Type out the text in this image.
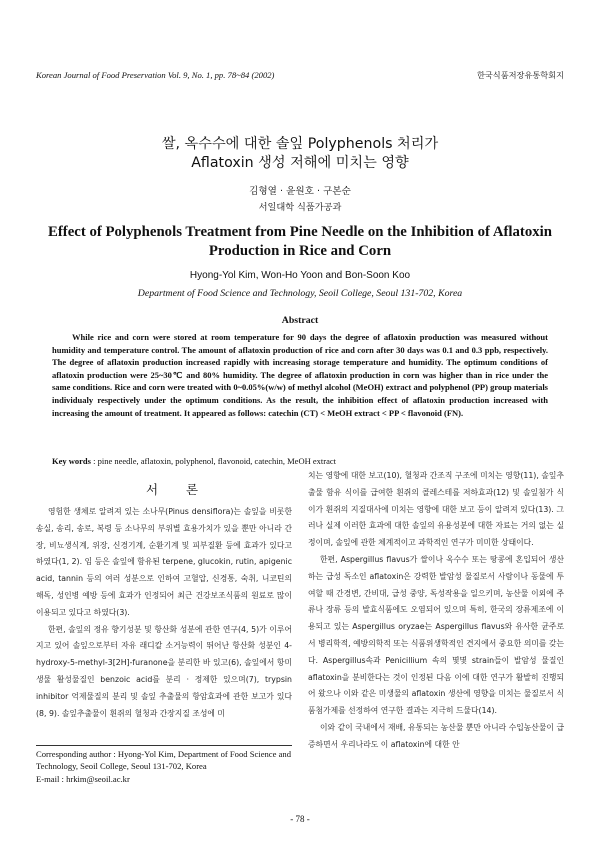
Korean Journal of Food Preservation Vol. 9, No. 1, pp. 78~84 (2002)	한국식품저장유통학회지
쌀, 옥수수에 대한 솔잎 Polyphenols 처리가
Aflatoxin 생성 저해에 미치는 영향
김형열 · 윤원호 · 구본순
서일대학 식품가공과
Effect of Polyphenols Treatment from Pine Needle on the Inhibition of Aflatoxin
Production in Rice and Corn
Hyong-Yol Kim, Won-Ho Yoon and Bon-Soon Koo
Department of Food Science and Technology, Seoil College, Seoul 131-702, Korea
Abstract

While rice and corn were stored at room temperature for 90 days the degree of aflatoxin production was measured without humidity and temperature control. The amount of aflatoxin production of rice and corn after 30 days was 0.1 and 0.3 ppb, respectively. The degree of aflatoxin production increased rapidly with increasing storage temperature and humidity. The optimum conditions of aflatoxin production were 25~30℃ and 80% humidity. The degree of aflatoxin production in corn was higher than in rice under the same conditions. Rice and corn were treated with 0~0.05%(w/w) of methyl alcohol (MeOH) extract and polyphenol (PP) group materials individualy respectively under the optimum conditions. As the result, the inhibition effect of aflatoxin production increased with increasing the amount of treatment. It appeared as follows: catechin (CT) < MeOH extract < PP < flavonoid (FN).

Key words : pine needle, aflatoxin, polyphenol, flavonoid, catechin, MeOH extract
서 론

영험한 생체로 알려져 있는 소나무(Pinus densiflora)는 솔잎을 비롯한 송실, 송리, 송로, 복령 등 소나무의 부위별 효용가치가 있을 뿐만 아니라 간장, 비뇨생식계, 위장, 신경기계, 순환기계 및 피부질환 등에 효과가 있다고 하였다(1, 2). 임 등은 솔잎에 함유된 terpene, glucokin, rutin, apigenic acid, tannin 등의 여러 성분으로 인하여 고혈압, 신경통, 숙취, 니코틴의 해독, 성인병 예방 등에 효과가 인정되어 최근 건강보조식품의 원료로 많이 이용되고 있다고 하였다(3).

한편, 솔잎의 정유 향기성분 및 항산화 성분에 관한 연구(4, 5)가 이루어지고 있어 솔잎으로부터 자유 래디칼 소거능력이 뛰어난 항산화 성분인 4-hydroxy-5-methyl-3[2H]-furanone을 분리한 바 있고(6), 솔잎에서 항미생물 활성물질인 benzoic acid를 분리 · 정제한 있으며(7), trypsin inhibitor 억제물질의 분리 및 솔잎 추출물의 항암효과에 관한 보고가 있다(8, 9). 솔잎추출물이 흰쥐의 혈청과 간장지질 조성에 미

Corresponding author : Hyong-Yol Kim, Department of Food Science and Technology, Seoil College, Seoul 131-702, Korea
E-mail : hrkim@seoil.ac.kr

치는 영향에 대한 보고(10), 혈청과 간조직 구조에 미치는 영향(11), 솔잎추출물 함유 식이를 급여한 흰쥐의 콜레스테롤 저하효과(12) 및 솔잎첨가 식이가 흰쥐의 지질대사에 미치는 영향에 대한 보고 등이 알려져 있다(13). 그러나 실제 이러한 효과에 대한 솔잎의 유용성분에 대한 자료는 거의 없는 실정이며, 솔잎에 관한 체계적이고 과학적인 연구가 미미한 상태이다.

한편, Aspergillus flavus가 쌀이나 옥수수 또는 땅콩에 혼입되어 생산하는 급성 독소인 aflatoxin은 강력한 발암성 물질로서 사람이나 동물에 투여할 때 간경변, 간비대, 급성 중양, 독성작용을 일으키며, 농산물 이외에 주류나 장류 등의 발효식품에도 오염되어 있으며 특히, 한국의 장류제조에 이용되고 있는 Aspergillus oryzae는 Aspergillus flavus와 유사한 균주로서 병리학적, 예방의학적 또는 식품위생학적인 견지에서 중요한 의미를 갖는다. Aspergillus속과 Penicillium 속의 몇몇 strain들이 발암성 물질인 aflatoxin을 분비한다는 것이 인정된 다음 이에 대한 연구가 활발히 진행되어 왔으나 이와 같은 미생물의 aflatoxin 생산에 영향을 미치는 물질로서 식품첨가제를 선정하여 연구한 결과는 지극히 드물다(14).

이와 같이 국내에서 재배, 유통되는 농산물 뿐만 아니라 수입농산물이 급증하면서 우리나라도 이 aflatoxin에 대한 안

- 78 -
